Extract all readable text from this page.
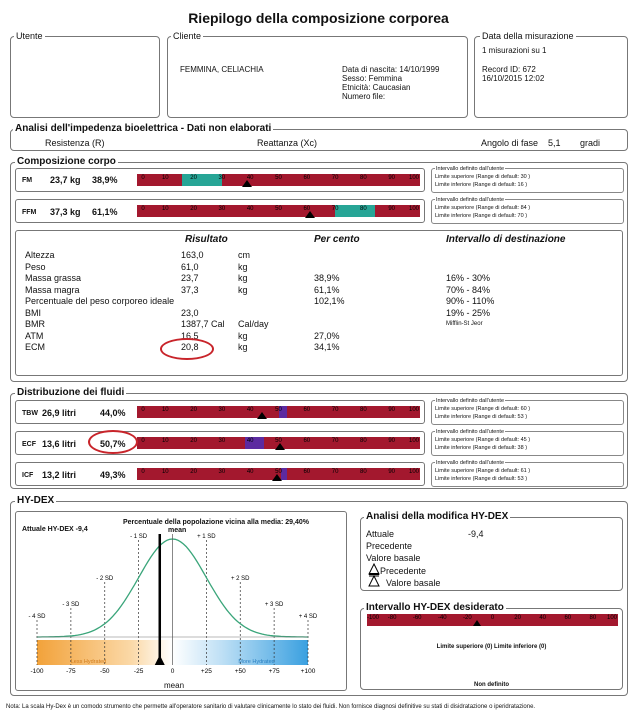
Riepilogo della composizione corporea
Utente	Cliente
FEMMINA, CELIACHIA	Data di nascita: 14/10/1999
Sesso: Femmina
Etnicità: Caucasian
Numero file:
Data della misurazione
1 misurazioni su 1
Record ID: 672
16/10/2015 12:02
Analisi dell'impedenza bioelettrica - Dati non elaborati
Resistenza (R)	Reattanza (Xc)	Angolo di fase 5,1 gradi
Composizione corpo
FM 23,7 kg 38,9%	0	10	20	30	40	50	60	70	80	90 100
FFM 37,3 kg 61,1%	0	10	20	30	40	50	60	70	80	90 100
Intervallo definito dall'utente
Limite superiore (Range di default: 30 )
Limite inferiore (Range di default: 16 )
Intervallo definito dall'utente
Limite superiore (Range di default: 84 )
Limite inferiore (Range di default: 70 )
Risultato	Per cento	Intervallo di destinazione
Altezza	163,0	cm
Peso	61,0	kg
Massa grassa	23,7	kg	38,9%	16% - 30%
Massa magra	37,3	kg	61,1%	70% - 84%
Percentuale del peso corporeo ideale	102,1%	90% - 110%
BMI	23,0	19% - 25%
BMR	1387,7 Cal Cal/day	Mifflin-St Jeor
ATM	16,5	kg	27,0%
ECM	20,8	kg	34,1%
Distribuzione dei fluidi
TBW 26,9 litri	44,0%	0	10	20	30	40	50	60	70	80	90 100
ECF 13,6 litri	50,7%	0	10	20	30	40	50	60	70	80	90 100
ICF 13,2 litri	49,3%	0	10	20	30	40	50	60	70	80	90 100
Intervallo definito dall'utente
Limite superiore (Range di default: 60 )
Limite inferiore (Range di default: 53 )
Intervallo definito dall'utente
Limite superiore (Range di default: 45 )
Limite inferiore (Range di default: 38 )
Intervallo definito dall'utente
Limite superiore (Range di default: 61 )
Limite inferiore (Range di default: 53 )
HY-DEX
Attuale HY-DEX -9,4
Percentuale della popolazione vicina alla media: 29,40%
mean
- 4 SD
- 3 SD
- 2 SD
- 1 SD	+ 1 SD
+ 2 SD
+ 3 SD
+ 4 SD
-100	-75	-50	-25	0	+25	+50	+75	+100
Less Hydrated	More Hydrated
mean
Analisi della modifica HY-DEX
Attuale	-9,4
Precedente
Valore basale
Precedente
Valore basale
Intervallo HY-DEX desiderato
-100 -80	-60	-40	-20	0	20	40	60	80 100
Limite superiore (0) Limite inferiore (0)
Non definito
Nota: La scala Hy-Dex è un comodo strumento che permette all'operatore sanitario di valutare clinicamente lo stato dei fluidi. Non fornisce diagnosi definitive su stati di disidratazione o iperidratazione.
